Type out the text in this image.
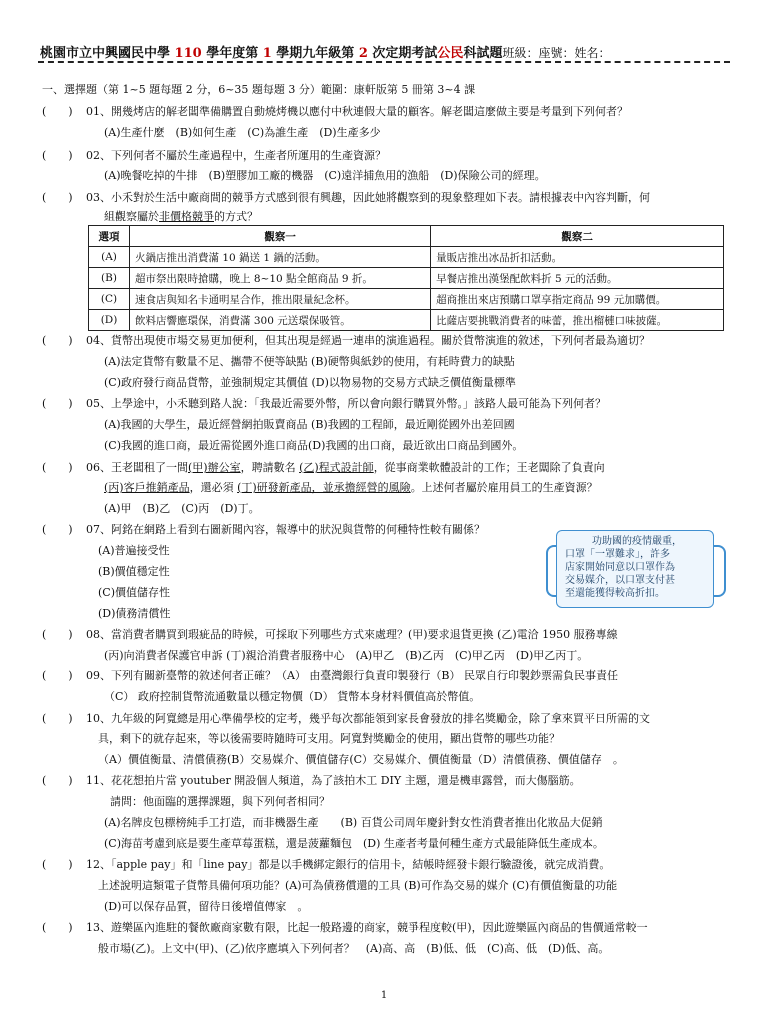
桃園市立中興國民中學 110 學年度第 1 學期九年級第 2 次定期考試公民科試題班級：座號：姓名：
一、選擇題（第 1~5 題每題 2 分，6~35 題每題 3 分）範圍：康軒版第 5 冊第 3~4 課
(　　) 01、開幾烤店的解老闆準備購置自動燒烤機以應付中秋連假大量的顧客。解老闆這麼做主要是考量到下列何者？
(A)生產什麼　(B)如何生產　(C)為誰生產　(D)生產多少
(　　) 02、下列何者不屬於生產過程中，生產者所運用的生產資源？
(A)晚餐吃掉的牛排　(B)塑膠加工廠的機器　(C)遠洋捕魚用的漁船　(D)保險公司的經理。
(　　) 03、小禾對於生活中廠商間的競爭方式感到很有興趣，因此她將觀察到的現象整理如下表。請根據表中內容判斷，何
組觀察屬於非價格競爭的方式？
選項	觀察一	觀察二
(A)	火鍋店推出消費滿 10 鍋送 1 鍋的活動。	量販店推出冰品折扣活動。
(B)	超市祭出限時搶購，晚上 8~10 點全館商品 9 折。	早餐店推出漢堡配飲料折 5 元的活動。
(C)	速食店與知名卡通明星合作，推出限量紀念杯。	超商推出來店預購口罩享指定商品 99 元加購價。
(D)	飲料店響應環保，消費滿 300 元送環保吸管。	比薩店要挑戰消費者的味蕾，推出榴槤口味披薩。
(　　) 04、貨幣出現使市場交易更加便利，但其出現是經過一連串的演進過程。關於貨幣演進的敘述，下列何者最為適切？
(A)法定貨幣有數量不足、攜帶不便等缺點 (B)硬幣與紙鈔的使用，有耗時費力的缺點
(C)政府發行商品貨幣，並強制規定其價值 (D)以物易物的交易方式缺乏價值衡量標準
(　　) 05、上學途中，小禾聽到路人說：「我最近需要外幣，所以會向銀行購買外幣。」該路人最可能為下列何者？
(A)我國的大學生，最近經營網拍販賣商品 (B)我國的工程師，最近剛從國外出差回國
(C)我國的進口商，最近需從國外進口商品(D)我國的出口商，最近欲出口商品到國外。
(　　) 06、王老闆租了一間(甲)辦公室，聘請數名 (乙)程式設計師，從事商業軟體設計的工作；王老闆除了負責向
(丙)客戶推銷產品，還必須 (丁)研發新產品，並承擔經營的風險。上述何者屬於雇用員工的生產資源？
(A)甲　(B)乙　(C)丙　(D)丁。
(　　) 07、阿銘在網路上看到右圖新聞內容，報導中的狀況與貨幣的何種特性較有關係？
(A)普遍接受性
(B)價值穩定性
(C)價值儲存性
(D)債務清償性
功助國的疫情嚴重，
口罩「一罩難求」，許多
店家開始同意以口罩作為
交易媒介，以口罩支付甚
至還能獲得較高折扣。
(　　) 08、當消費者購買到瑕疵品的時候，可採取下列哪些方式來處理？(甲)要求退貨更換 (乙)電洽 1950 服務專線
(丙)向消費者保護官申訴 (丁)親洽消費者服務中心　(A)甲乙　(B)乙丙　(C)甲乙丙　(D)甲乙丙丁。
(　　) 09、下列有關新臺幣的敘述何者正確？（A） 由臺灣銀行負責印製發行（B） 民眾自行印製鈔票需負民事責任
（C） 政府控制貨幣流通數量以穩定物價（D） 貨幣本身材料價值高於幣值。
(　　) 10、九年級的阿寬總是用心準備學校的定考，幾乎每次都能領到家長會發放的排名獎勵金，除了拿來買平日所需的文
具，剩下的就存起來，等以後需要時隨時可支用。阿寬對獎勵金的使用，顯出貨幣的哪些功能？
（A）價值衡量、清償債務(B）交易媒介、價值儲存(C）交易媒介、價值衡量（D）清償債務、價值儲存　。
(　　) 11、花花想拍片當 youtuber 開設個人頻道，為了該拍木工 DIY 主題，還是機車露營，而大傷腦筋。
請問：他面臨的選擇課題，與下列何者相同？
(A)名牌皮包標榜純手工打造，而非機器生產　　(B) 百貨公司周年慶針對女性消費者推出化妝品大促銷
(C)海苗考慮到底是要生產草莓蛋糕，還是菠蘿麵包　(D) 生產者考量何種生產方式最能降低生產成本。
(　　) 12、「apple pay」和「line pay」都是以手機綁定銀行的信用卡，結帳時經發卡銀行驗證後，就完成消費。
上述說明這類電子貨幣具備何項功能？(A)可為債務償還的工具 (B)可作為交易的媒介 (C)有價值衡量的功能
(D)可以保存品質，留待日後增值傳家　。
(　　) 13、遊樂區內進駐的餐飲廠商家數有限，比起一般路邊的商家，競爭程度較(甲)，因此遊樂區內商品的售價通常較一
般市場(乙)。上文中(甲)、(乙)依序應填入下列何者？　(A)高、高　(B)低、低　(C)高、低　(D)低、高。
1
